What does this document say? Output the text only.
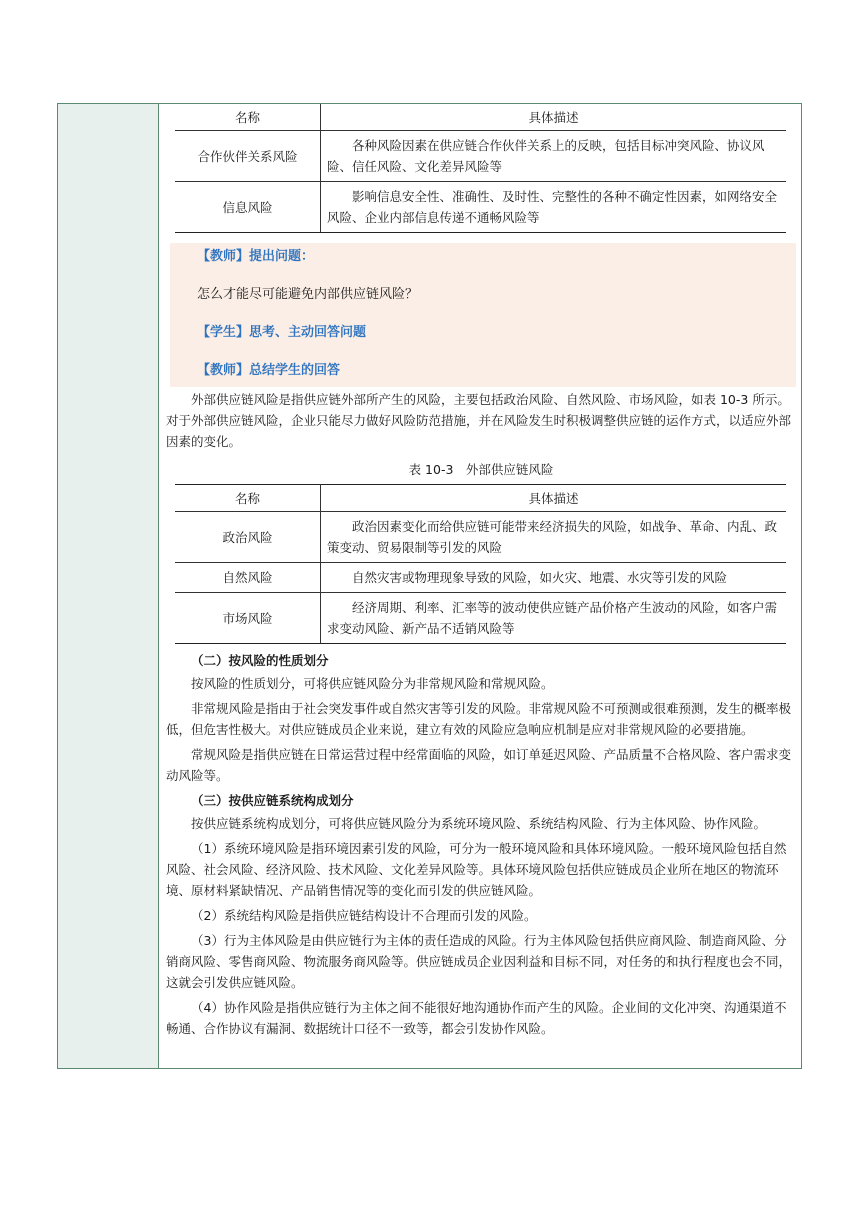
名称	具体描述
合作伙伴关系风险	各种风险因素在供应链合作伙伴关系上的反映，包括目标冲突风险、协议风险、信任风险、文化差异风险等
信息风险	影响信息安全性、准确性、及时性、完整性的各种不确定性因素，如网络安全风险、企业内部信息传递不通畅风险等

【教师】提出问题：

怎么才能尽可能避免内部供应链风险？

【学生】思考、主动回答问题

【教师】总结学生的回答

外部供应链风险是指供应链外部所产生的风险，主要包括政治风险、自然风险、市场风险，如表 10-3 所示。对于外部供应链风险，企业只能尽力做好风险防范措施，并在风险发生时积极调整供应链的运作方式，以适应外部因素的变化。

表 10-3　外部供应链风险
名称	具体描述
政治风险	政治因素变化而给供应链可能带来经济损失的风险，如战争、革命、内乱、政策变动、贸易限制等引发的风险
自然风险	自然灾害或物理现象导致的风险，如火灾、地震、水灾等引发的风险
市场风险	经济周期、利率、汇率等的波动使供应链产品价格产生波动的风险，如客户需求变动风险、新产品不适销风险等

（二）按风险的性质划分

按风险的性质划分，可将供应链风险分为非常规风险和常规风险。

非常规风险是指由于社会突发事件或自然灾害等引发的风险。非常规风险不可预测或很难预测，发生的概率极低，但危害性极大。对供应链成员企业来说，建立有效的风险应急响应机制是应对非常规风险的必要措施。

常规风险是指供应链在日常运营过程中经常面临的风险，如订单延迟风险、产品质量不合格风险、客户需求变动风险等。

（三）按供应链系统构成划分

按供应链系统构成划分，可将供应链风险分为系统环境风险、系统结构风险、行为主体风险、协作风险。

（1）系统环境风险是指环境因素引发的风险，可分为一般环境风险和具体环境风险。一般环境风险包括自然风险、社会风险、经济风险、技术风险、文化差异风险等。具体环境风险包括供应链成员企业所在地区的物流环境、原材料紧缺情况、产品销售情况等的变化而引发的供应链风险。

（2）系统结构风险是指供应链结构设计不合理而引发的风险。

（3）行为主体风险是由供应链行为主体的责任造成的风险。行为主体风险包括供应商风险、制造商风险、分销商风险、零售商风险、物流服务商风险等。供应链成员企业因利益和目标不同，对任务的和执行程度也会不同，这就会引发供应链风险。

（4）协作风险是指供应链行为主体之间不能很好地沟通协作而产生的风险。企业间的文化冲突、沟通渠道不畅通、合作协议有漏洞、数据统计口径不一致等，都会引发协作风险。
